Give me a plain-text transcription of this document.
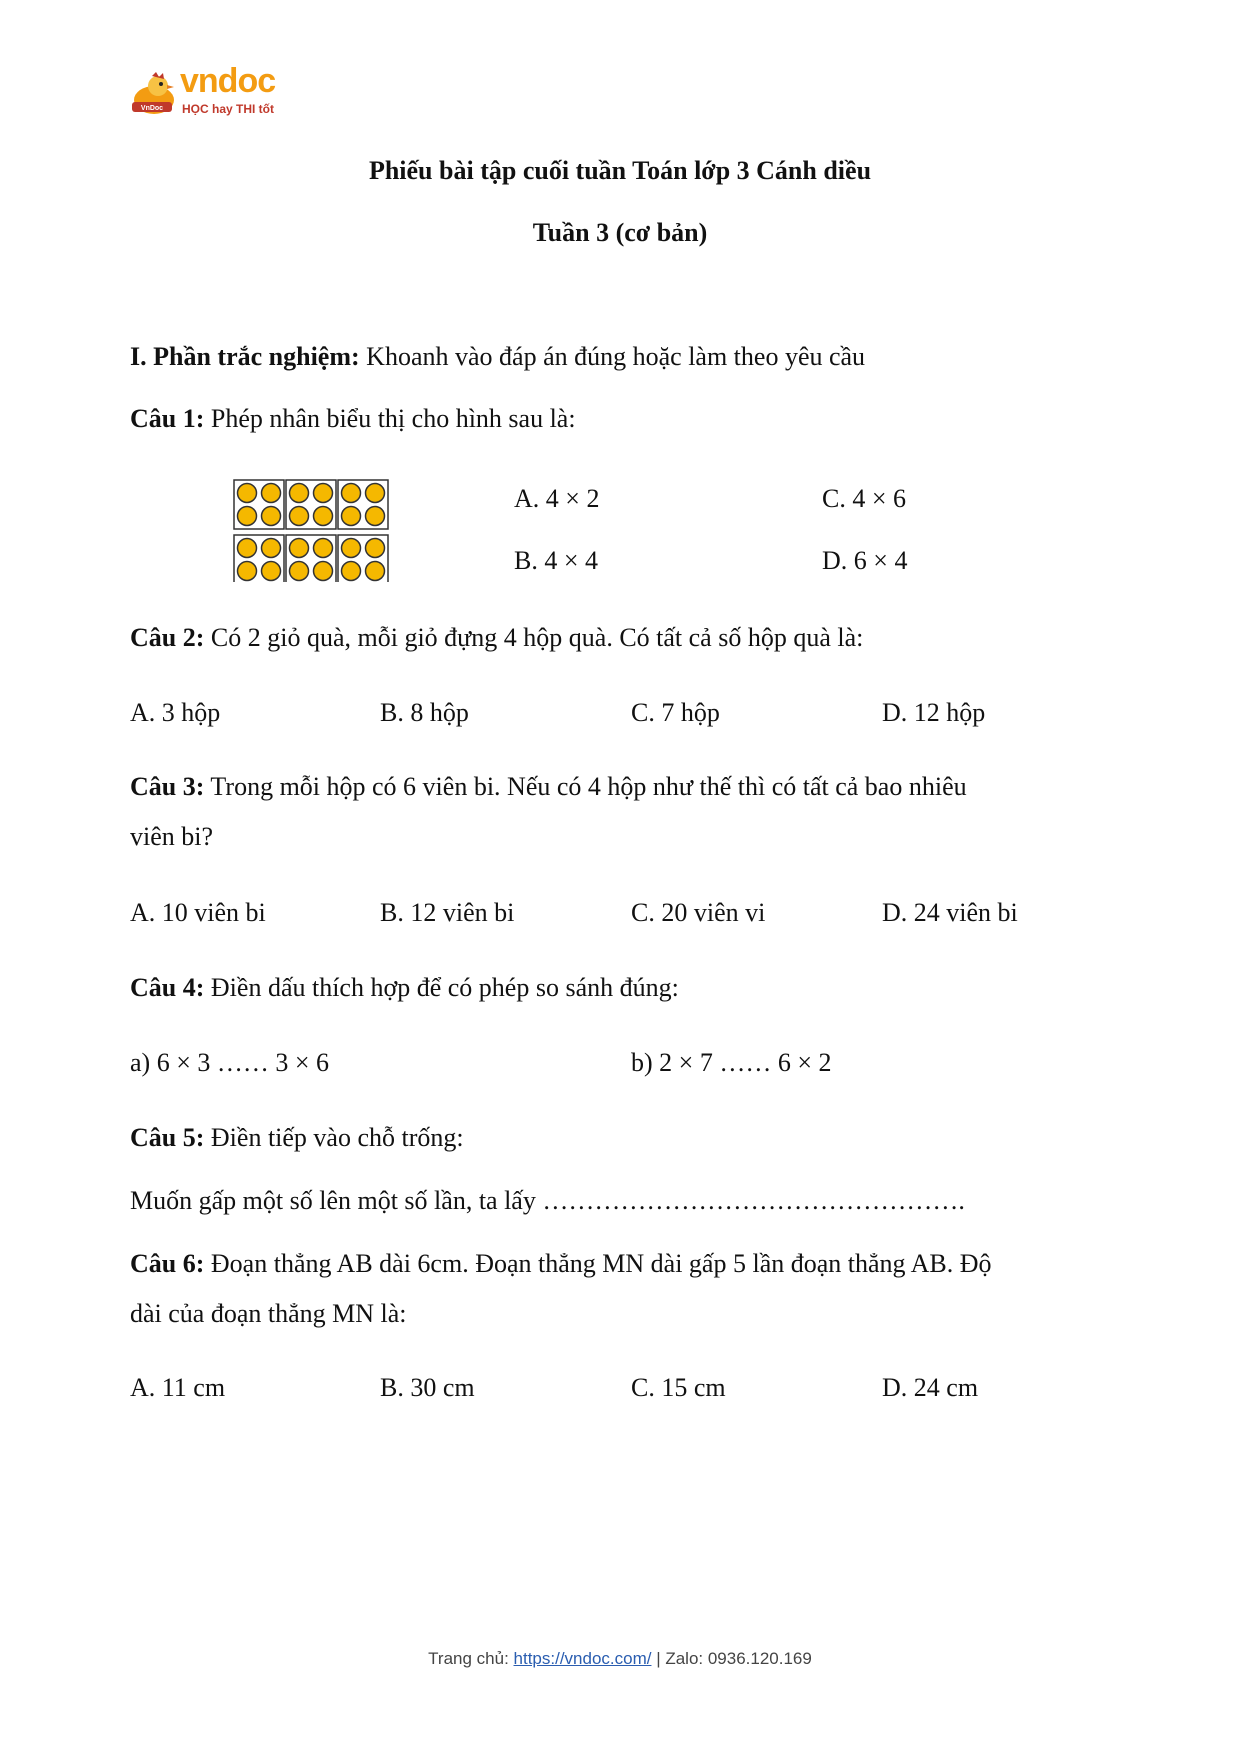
VnDoc
vndoc
HỌC hay THI tốt
Phiếu bài tập cuối tuần Toán lớp 3 Cánh diều
Tuần 3 (cơ bản)
I. Phần trắc nghiệm: Khoanh vào đáp án đúng hoặc làm theo yêu cầu
Câu 1: Phép nhân biểu thị cho hình sau là:
A. 4 × 2	C. 4 × 6
B. 4 × 4	D. 6 × 4
Câu 2: Có 2 giỏ quà, mỗi giỏ đựng 4 hộp quà. Có tất cả số hộp quà là:
A. 3 hộp	B. 8 hộp	C. 7 hộp	D. 12 hộp
Câu 3: Trong mỗi hộp có 6 viên bi. Nếu có 4 hộp như thế thì có tất cả bao nhiêu
viên bi?
A. 10 viên bi	B. 12 viên bi	C. 20 viên vi	D. 24 viên bi
Câu 4: Điền dấu thích hợp để có phép so sánh đúng:
a) 6 × 3 …… 3 × 6	b) 2 × 7 …… 6 × 2
Câu 5: Điền tiếp vào chỗ trống:
Muốn gấp một số lên một số lần, ta lấy ………………………………………….
Câu 6: Đoạn thẳng AB dài 6cm. Đoạn thẳng MN dài gấp 5 lần đoạn thẳng AB. Độ
dài của đoạn thẳng MN là:
A. 11 cm	B. 30 cm	C. 15 cm	D. 24 cm
Trang chủ: https://vndoc.com/ | Zalo: 0936.120.169
